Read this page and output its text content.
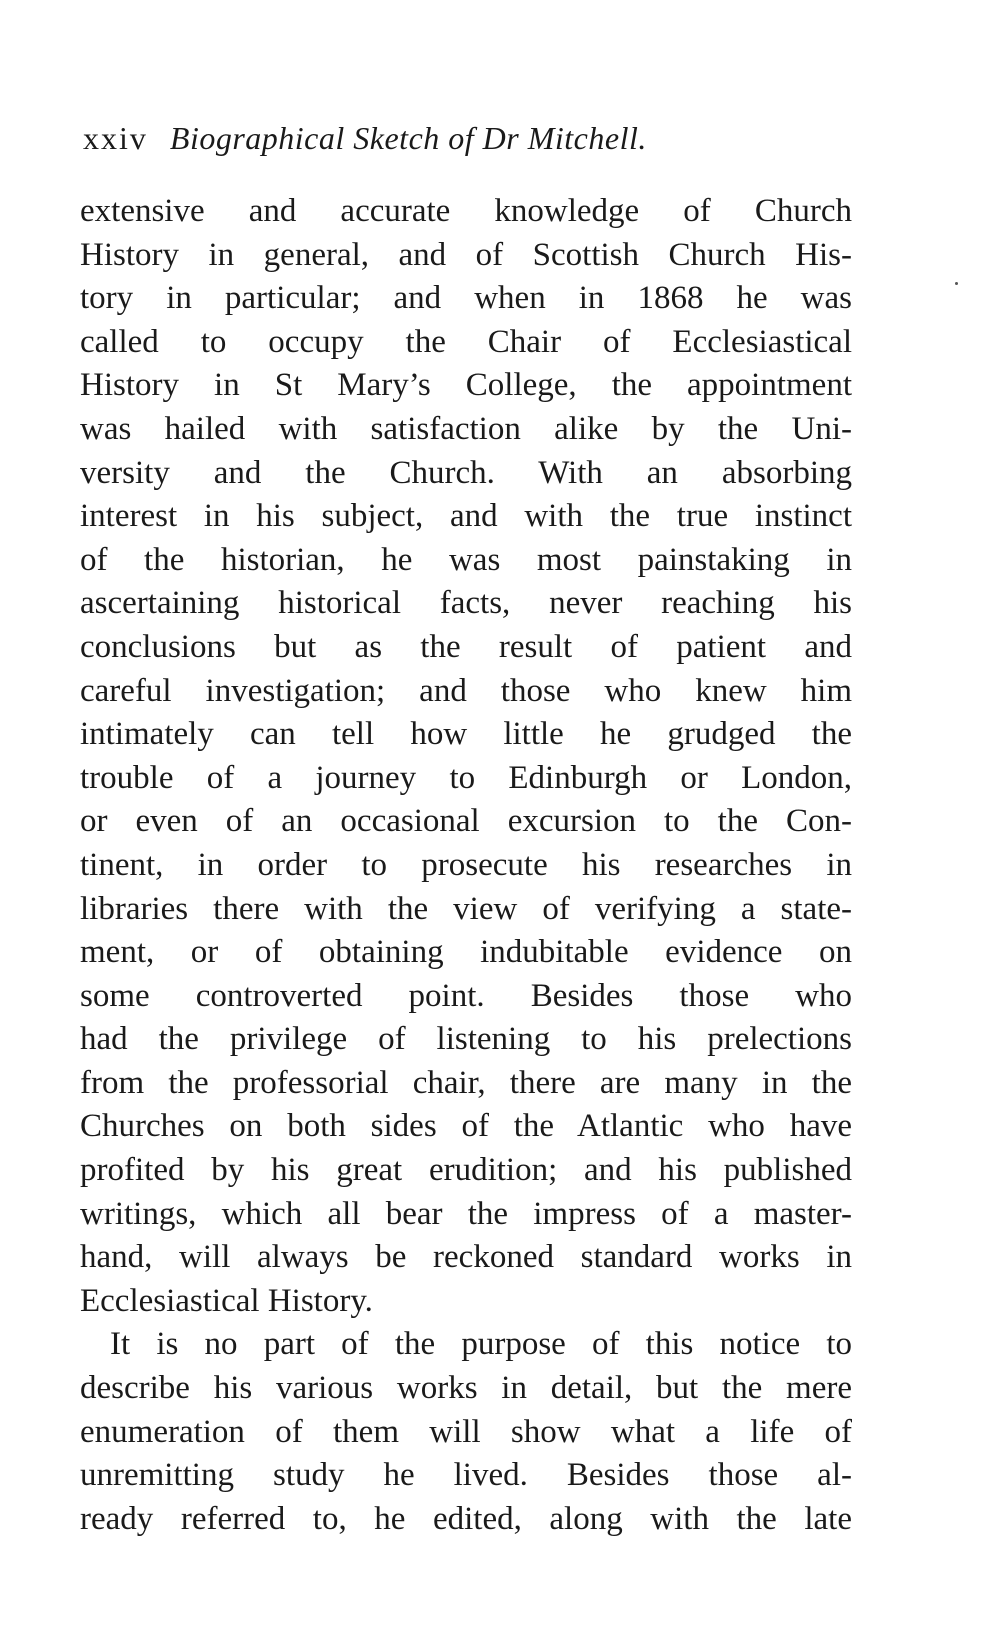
xxiv Biographical Sketch of Dr Mitchell.
extensive and accurate knowledge of Church
History in general, and of Scottish Church His-
tory in particular; and when in 1868 he was
called to occupy the Chair of Ecclesiastical
History in St Mary’s College, the appointment
was hailed with satisfaction alike by the Uni-
versity and the Church. With an absorbing
interest in his subject, and with the true instinct
of the historian, he was most painstaking in
ascertaining historical facts, never reaching his
conclusions but as the result of patient and
careful investigation; and those who knew him
intimately can tell how little he grudged the
trouble of a journey to Edinburgh or London,
or even of an occasional excursion to the Con-
tinent, in order to prosecute his researches in
libraries there with the view of verifying a state-
ment, or of obtaining indubitable evidence on
some controverted point. Besides those who
had the privilege of listening to his prelections
from the professorial chair, there are many in the
Churches on both sides of the Atlantic who have
profited by his great erudition; and his published
writings, which all bear the impress of a master-
hand, will always be reckoned standard works in
Ecclesiastical History.
It is no part of the purpose of this notice to
describe his various works in detail, but the mere
enumeration of them will show what a life of
unremitting study he lived. Besides those al-
ready referred to, he edited, along with the late
